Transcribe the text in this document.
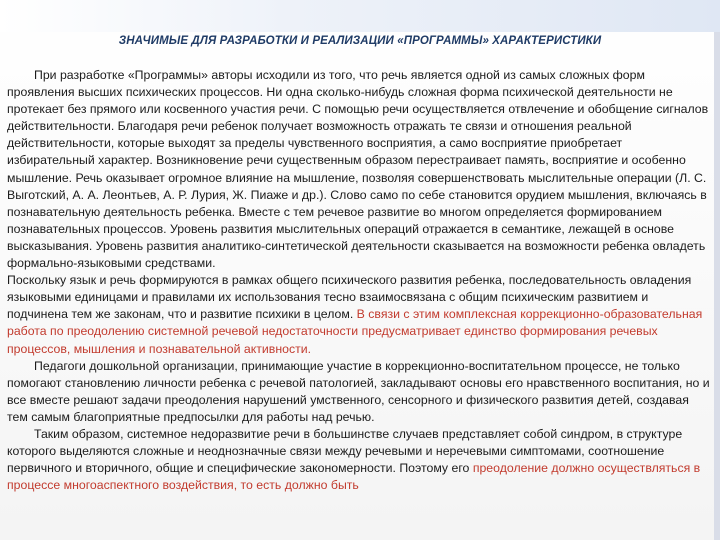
ЗНАЧИМЫЕ ДЛЯ РАЗРАБОТКИ И РЕАЛИЗАЦИИ «ПРОГРАММЫ» ХАРАКТЕРИСТИКИ

При разработке «Программы» авторы исходили из того, что речь является одной из самых сложных форм проявления высших психических процессов. Ни одна сколько-нибудь сложная форма психической деятельности не протекает без прямого или косвенного участия речи. С помощью речи осуществляется отвлечение и обобщение сигналов действительности. Благодаря речи ребенок получает возможность отражать те связи и отношения реальной действительности, которые выходят за пределы чувственного восприятия, а само восприятие приобретает избирательный характер. Возникновение речи существенным образом перестраивает память, восприятие и особенно мышление. Речь оказывает огромное влияние на мышление, позволяя совершенствовать мыслительные операции (Л. С. Выготский, А. А. Леонтьев, А. Р. Лурия, Ж. Пиаже и др.). Слово само по себе становится орудием мышления, включаясь в познавательную деятельность ребенка. Вместе с тем речевое развитие во многом определяется формированием познавательных процессов. Уровень развития мыслительных операций отражается в семантике, лежащей в основе высказывания. Уровень развития аналитико-синтетической деятельности сказывается на возможности ребенка овладеть формально-языковыми средствами.

Поскольку язык и речь формируются в рамках общего психического развития ребенка, последовательность овладения языковыми единицами и правилами их использования тесно взаимосвязана с общим психическим развитием и подчинена тем же законам, что и развитие психики в целом. В связи с этим комплексная коррекционно-образовательная работа по преодолению системной речевой недостаточности предусматривает единство формирования речевых процессов, мышления и познавательной активности.

Педагоги дошкольной организации, принимающие участие в коррекционно-воспитательном процессе, не только помогают становлению личности ребенка с речевой патологией, закладывают основы его нравственного воспитания, но и все вместе решают задачи преодоления нарушений умственного, сенсорного и физического развития детей, создавая тем самым благоприятные предпосылки для работы над речью.

Таким образом, системное недоразвитие речи в большинстве случаев представляет собой синдром, в структуре которого выделяются сложные и неоднозначные связи между речевыми и неречевыми симптомами, соотношение первичного и вторичного, общие и специфические закономерности. Поэтому его преодоление должно осуществляться в процессе многоаспектного воздействия, то есть должно быть
